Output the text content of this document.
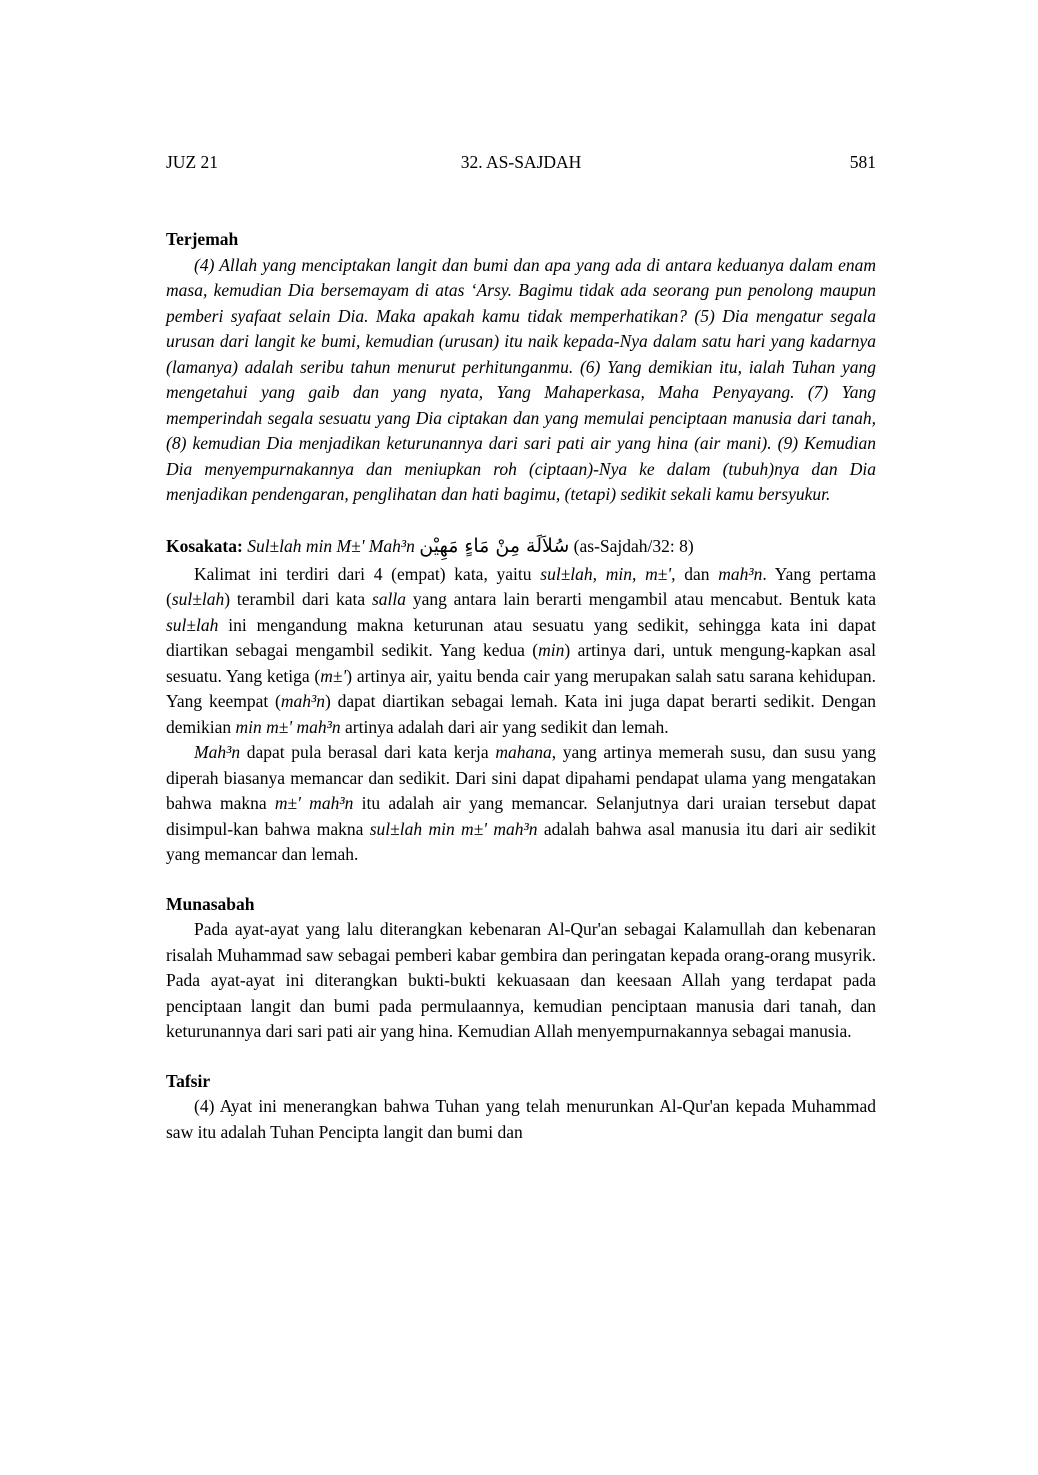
JUZ 21	32. AS-SAJDAH	581
Terjemah

(4) Allah yang menciptakan langit dan bumi dan apa yang ada di antara keduanya dalam enam masa, kemudian Dia bersemayam di atas ‘Arsy. Bagimu tidak ada seorang pun penolong maupun pemberi syafaat selain Dia. Maka apakah kamu tidak memperhatikan? (5) Dia mengatur segala urusan dari langit ke bumi, kemudian (urusan) itu naik kepada-Nya dalam satu hari yang kadarnya (lamanya) adalah seribu tahun menurut perhitunganmu. (6) Yang demikian itu, ialah Tuhan yang mengetahui yang gaib dan yang nyata, Yang Mahaperkasa, Maha Penyayang. (7) Yang memperindah segala sesuatu yang Dia ciptakan dan yang memulai penciptaan manusia dari tanah, (8) kemudian Dia menjadikan keturunannya dari sari pati air yang hina (air mani). (9) Kemudian Dia menyempurnakannya dan meniupkan roh (ciptaan)-Nya ke dalam (tubuh)nya dan Dia menjadikan pendengaran, penglihatan dan hati bagimu, (tetapi) sedikit sekali kamu bersyukur.

Kosakata: Sul±lah min M±' Mah³n سُلاَلَة مِنْ مَاءٍ مَهِيْن (as-Sajdah/32: 8)

Kalimat ini terdiri dari 4 (empat) kata, yaitu sul±lah, min, m±', dan mah³n. Yang pertama (sul±lah) terambil dari kata salla yang antara lain berarti mengambil atau mencabut. Bentuk kata sul±lah ini mengandung makna keturunan atau sesuatu yang sedikit, sehingga kata ini dapat diartikan sebagai mengambil sedikit. Yang kedua (min) artinya dari, untuk mengung-kapkan asal sesuatu. Yang ketiga (m±') artinya air, yaitu benda cair yang merupakan salah satu sarana kehidupan. Yang keempat (mah³n) dapat diartikan sebagai lemah. Kata ini juga dapat berarti sedikit. Dengan demikian min m±' mah³n artinya adalah dari air yang sedikit dan lemah.

Mah³n dapat pula berasal dari kata kerja mahana, yang artinya memerah susu, dan susu yang diperah biasanya memancar dan sedikit. Dari sini dapat dipahami pendapat ulama yang mengatakan bahwa makna m±' mah³n itu adalah air yang memancar. Selanjutnya dari uraian tersebut dapat disimpul-kan bahwa makna sul±lah min m±' mah³n adalah bahwa asal manusia itu dari air sedikit yang memancar dan lemah.

Munasabah

Pada ayat-ayat yang lalu diterangkan kebenaran Al-Qur'an sebagai Kalamullah dan kebenaran risalah Muhammad saw sebagai pemberi kabar gembira dan peringatan kepada orang-orang musyrik. Pada ayat-ayat ini diterangkan bukti-bukti kekuasaan dan keesaan Allah yang terdapat pada penciptaan langit dan bumi pada permulaannya, kemudian penciptaan manusia dari tanah, dan keturunannya dari sari pati air yang hina. Kemudian Allah menyempurnakannya sebagai manusia.

Tafsir

(4) Ayat ini menerangkan bahwa Tuhan yang telah menurunkan Al-Qur'an kepada Muhammad saw itu adalah Tuhan Pencipta langit dan bumi dan
